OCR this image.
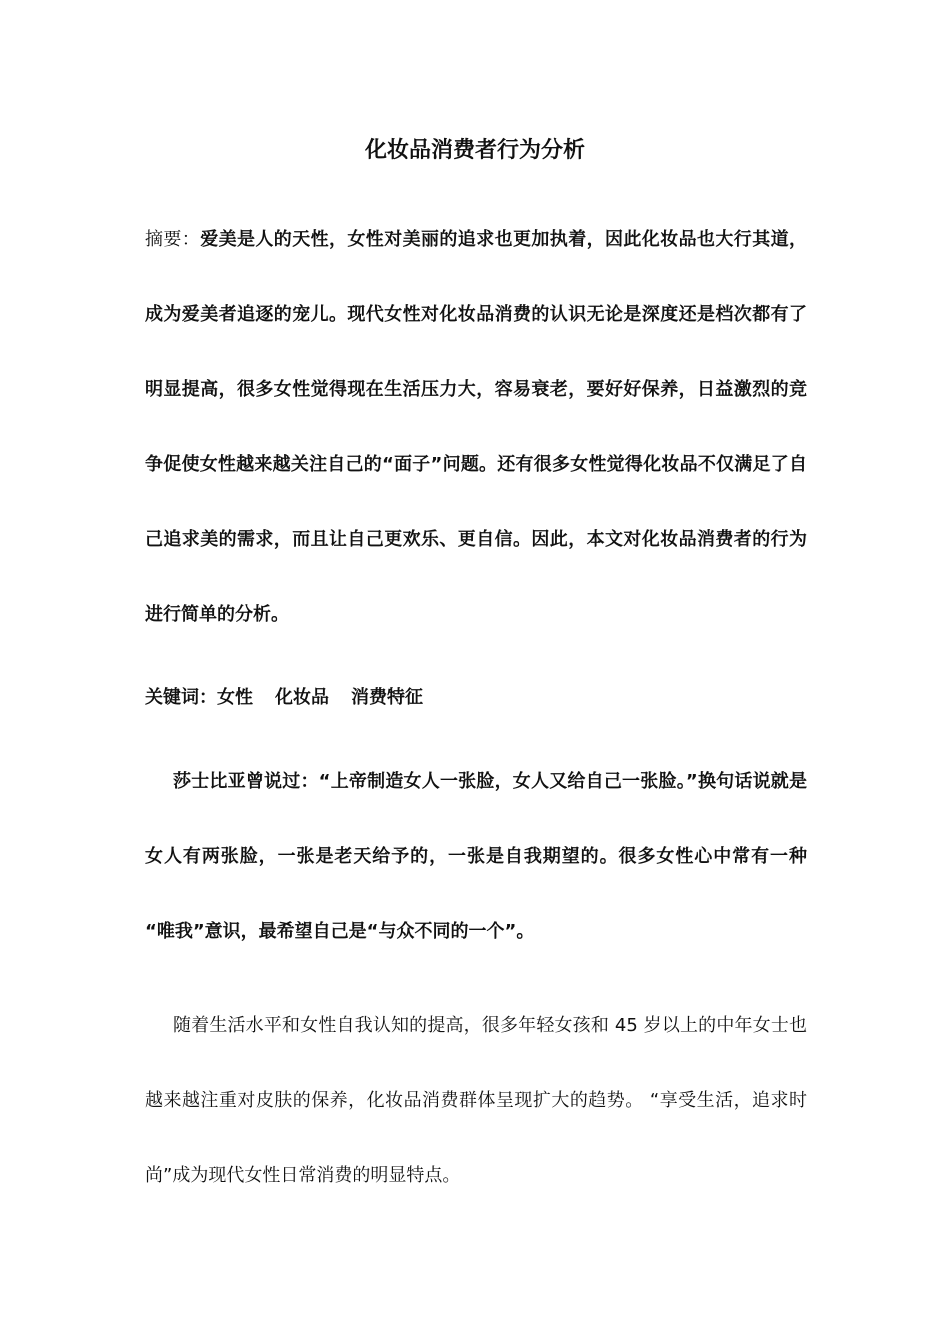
化妆品消费者行为分析

摘要：爱美是人的天性，女性对美丽的追求也更加执着，因此化妆品也大行其道，成为爱美者追逐的宠儿。现代女性对化妆品消费的认识无论是深度还是档次都有了明显提高，很多女性觉得现在生活压力大，容易衰老，要好好保养，日益激烈的竞争促使女性越来越关注自己的“面子”问题。还有很多女性觉得化妆品不仅满足了自己追求美的需求，而且让自己更欢乐、更自信。因此，本文对化妆品消费者的行为进行简单的分析。

关键词：女性 化妆品 消费特征

莎士比亚曾说过：“上帝制造女人一张脸，女人又给自己一张脸。”换句话说就是女人有两张脸，一张是老天给予的，一张是自我期望的。很多女性心中常有一种 “唯我”意识，最希望自己是“与众不同的一个”。

随着生活水平和女性自我认知的提高，很多年轻女孩和 45 岁以上的中年女士也越来越注重对皮肤的保养，化妆品消费群体呈现扩大的趋势。 “享受生活，追求时尚”成为现代女性日常消费的明显特点。
